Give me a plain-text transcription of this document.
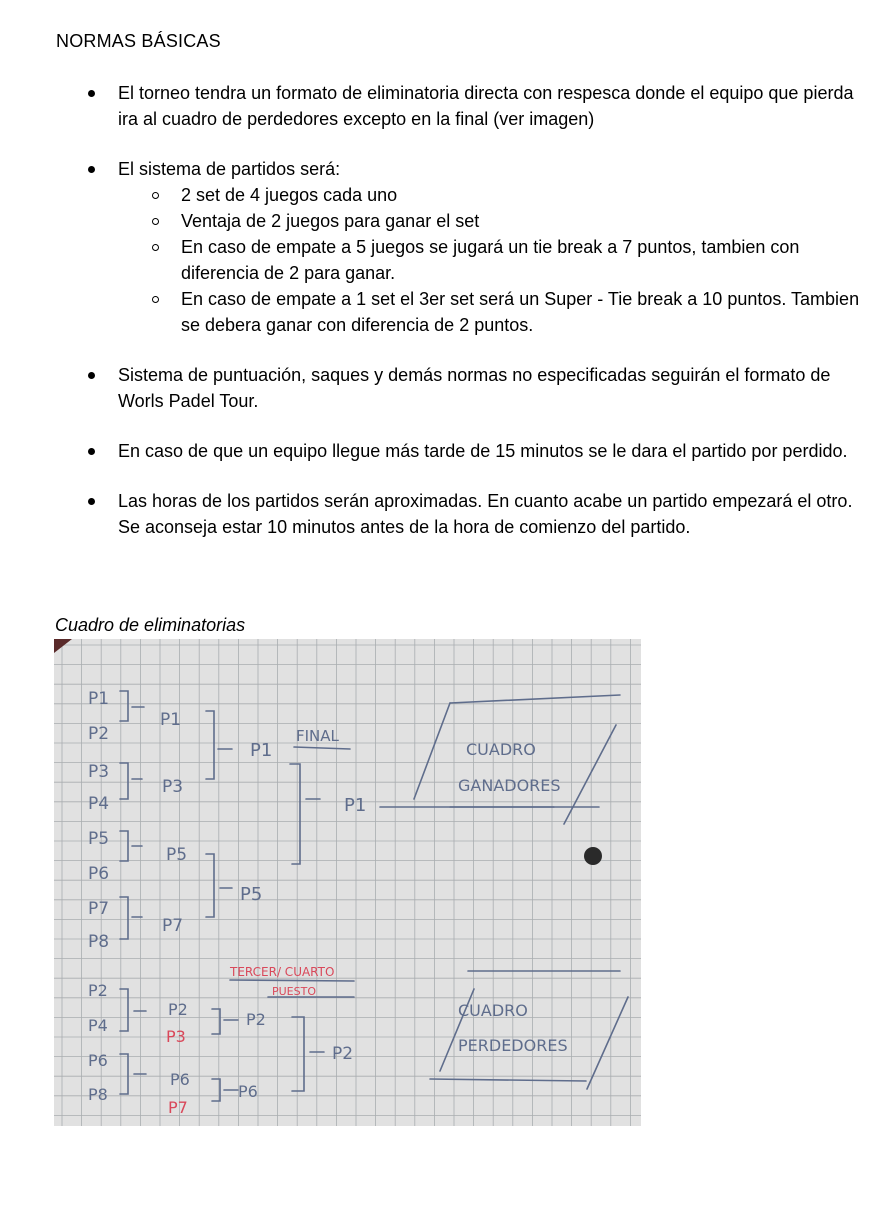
NORMAS BÁSICAS
El torneo tendra un formato de eliminatoria directa con respesca donde el equipo que pierda ira al cuadro de perdedores excepto en la final (ver imagen)
El sistema de partidos será:
2 set de 4 juegos cada uno
Ventaja de 2 juegos para ganar el set
En caso de empate a 5 juegos se jugará un tie break a 7 puntos, tambien con diferencia de 2 para ganar.
En caso de empate a 1 set el 3er set será un Super - Tie break a 10 puntos. Tambien se debera ganar con diferencia de 2 puntos.
Sistema de puntuación, saques y demás normas no especificadas seguirán el formato de Worls Padel Tour.
En caso de que un equipo llegue más tarde de 15 minutos se le dara el partido por perdido.
Las horas de los partidos serán aproximadas. En cuanto acabe un partido empezará el otro. Se aconseja estar 10 minutos antes de la hora de comienzo del partido.
Cuadro de eliminatorias
P1
P2
P3
P4
P5
P6
P7
P8
P1
P3
P5
P7
P1
P5
FINAL
P1
CUADRO
GANADORES
TERCER/ CUARTO
PUESTO
P2
P4
P6
P8
P2
P3
P6
P7
P2
P6
P2
CUADRO
PERDEDORES
